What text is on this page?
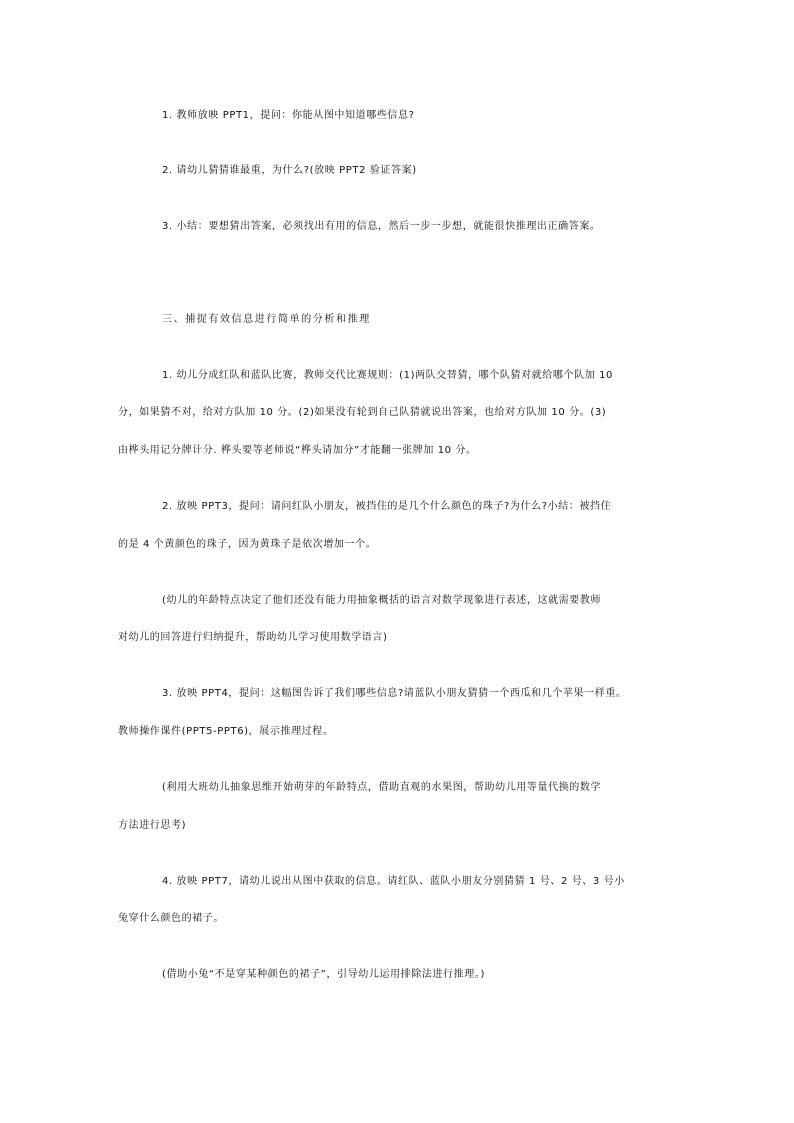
1. 教师放映 PPT1，提问：你能从图中知道哪些信息?

2. 请幼儿猜猜谁最重，为什么?(放映 PPT2 验证答案)

3. 小结：要想猜出答案，必须找出有用的信息，然后一步一步想，就能很快推理出正确答案。

三、捕捉有效信息进行简单的分析和推理

1. 幼儿分成红队和蓝队比赛，教师交代比赛规则：(1)两队交替猜，哪个队猜对就给哪个队加 10

分，如果猜不对，给对方队加 10 分。(2)如果没有轮到自己队猜就说出答案，也给对方队加 10 分。(3)

由桦头用记分牌计分. 桦头要等老师说“桦头请加分”才能翻一张牌加 10 分。

2. 放映 PPT3，提问：请问红队小朋友，被挡住的是几个什么颜色的珠子?为什么?小结：被挡住

的是 4 个黄颜色的珠子，因为黄珠子是依次增加一个。

(幼儿的年龄特点决定了他们还没有能力用抽象概括的语言对数学现象进行表述，这就需要教师

对幼儿的回答进行归纳提升，帮助幼儿学习使用数学语言)

3. 放映 PPT4，提问：这幅图告诉了我们哪些信息?请蓝队小朋友猜猜一个西瓜和几个苹果一样重。

教师操作课件(PPT5-PPT6)，展示推理过程。

(利用大班幼儿抽象思维开始萌芽的年龄特点，借助直观的水果图，帮助幼儿用等量代换的数学

方法进行思考)

4. 放映 PPT7，请幼儿说出从图中获取的信息。请红队、蓝队小朋友分别猜猜 1 号、2 号、3 号小

兔穿什么颜色的裙子。

(借助小兔“不是穿某种颜色的裙子”，引导幼儿运用排除法进行推理。)
